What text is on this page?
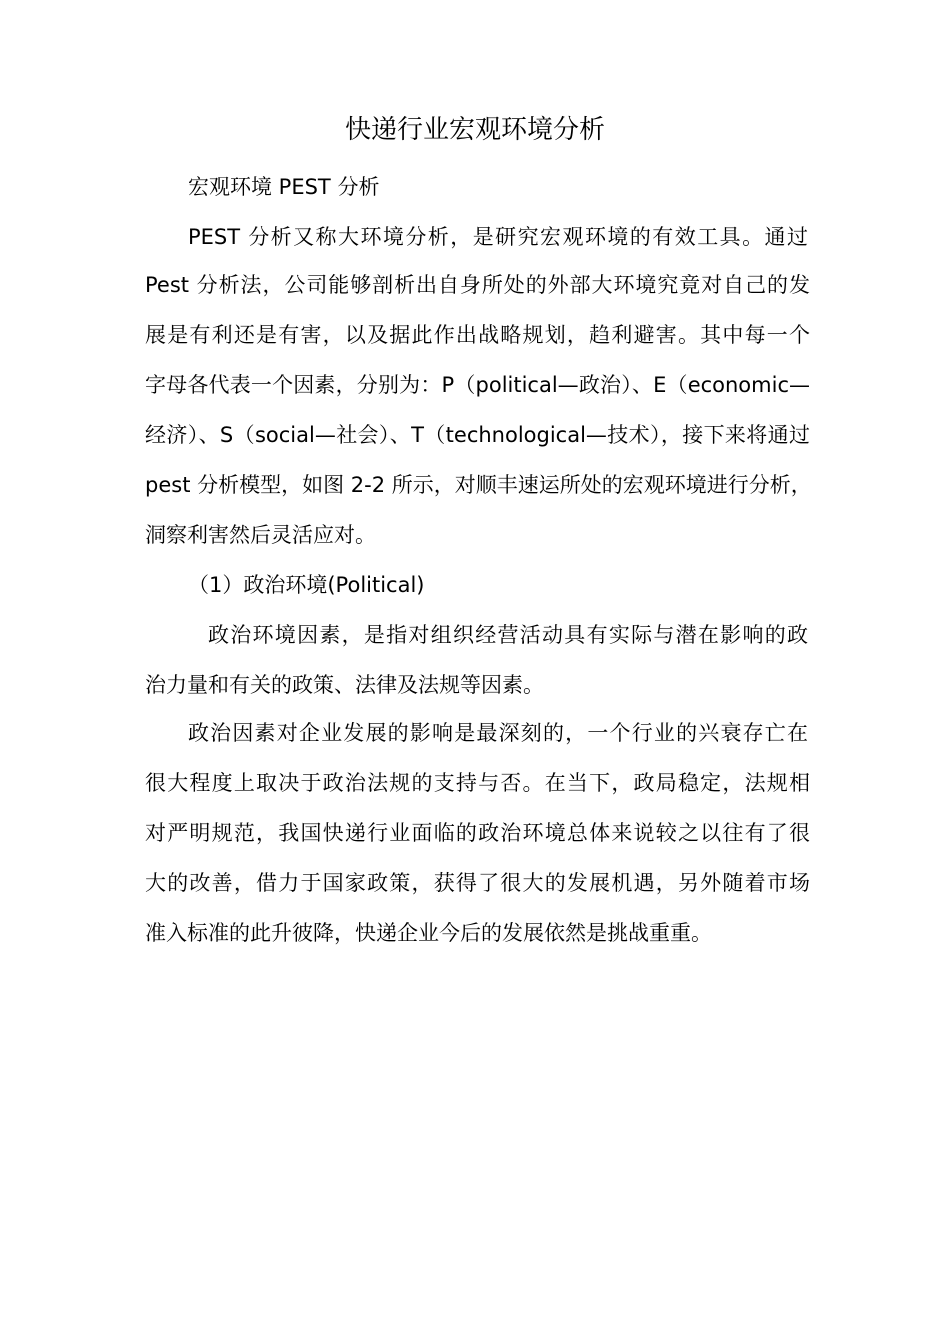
快递行业宏观环境分析

宏观环境 PEST 分析

PEST 分析又称大环境分析，是研究宏观环境的有效工具。通过

Pest 分析法，公司能够剖析出自身所处的外部大环境究竟对自己的发

展是有利还是有害，以及据此作出战略规划，趋利避害。其中每一个

字母各代表一个因素，分别为：P（political—政治）、E（economic—

经济）、S（social—社会）、T（technological—技术），接下来将通过

pest 分析模型，如图 2-2 所示，对顺丰速运所处的宏观环境进行分析，

洞察利害然后灵活应对。

（1）政治环境(Political)

政治环境因素，是指对组织经营活动具有实际与潜在影响的政

治力量和有关的政策、法律及法规等因素。

政治因素对企业发展的影响是最深刻的，一个行业的兴衰存亡在

很大程度上取决于政治法规的支持与否。在当下，政局稳定，法规相

对严明规范，我国快递行业面临的政治环境总体来说较之以往有了很

大的改善，借力于国家政策，获得了很大的发展机遇，另外随着市场

准入标准的此升彼降，快递企业今后的发展依然是挑战重重。
